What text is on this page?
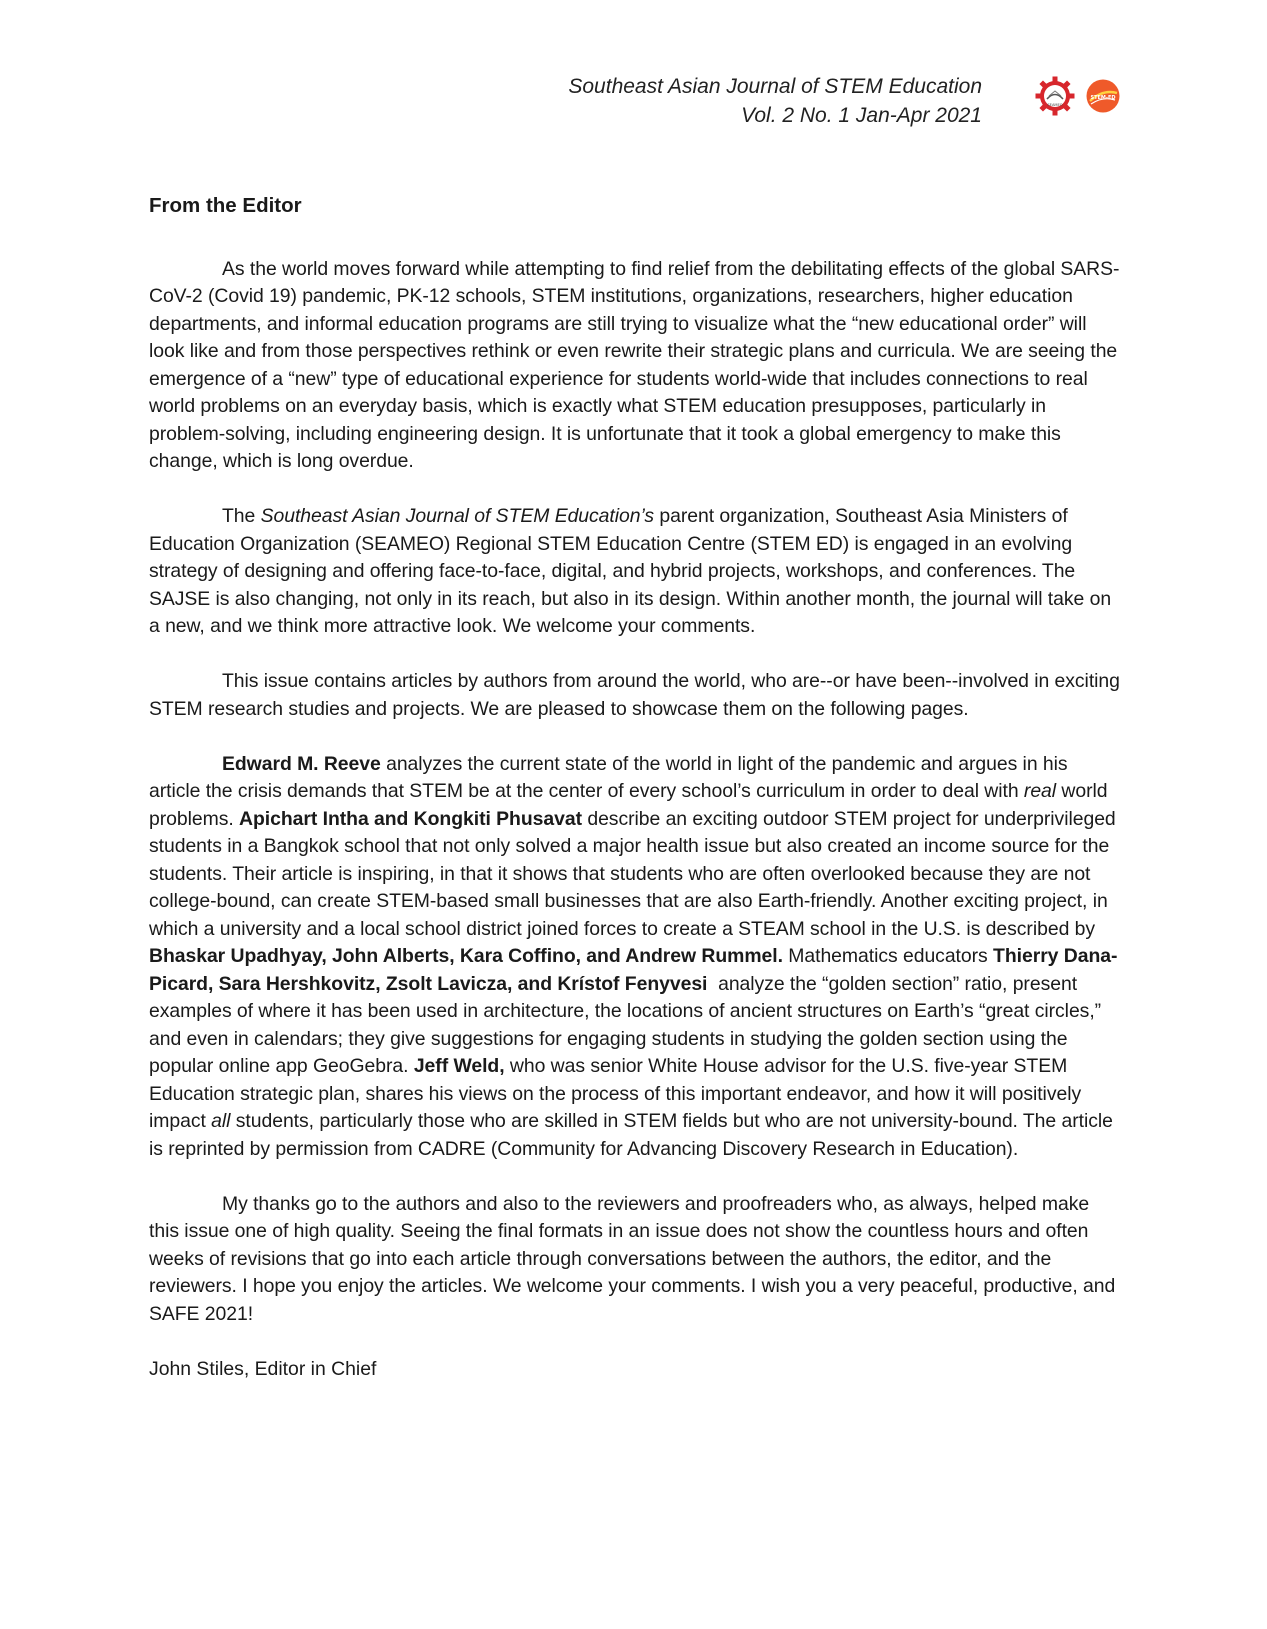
Southeast Asian Journal of STEM Education
Vol. 2 No. 1 Jan-Apr 2021	SEAMEO
STEM-ED
From the Editor

As the world moves forward while attempting to find relief from the debilitating effects of the global SARS-CoV-2 (Covid 19) pandemic, PK-12 schools, STEM institutions, organizations, researchers, higher education departments, and informal education programs are still trying to visualize what the “new educational order” will look like and from those perspectives rethink or even rewrite their strategic plans and curricula. We are seeing the emergence of a “new” type of educational experience for students world-wide that includes connections to real world problems on an everyday basis, which is exactly what STEM education presupposes, particularly in problem-solving, including engineering design. It is unfortunate that it took a global emergency to make this change, which is long overdue.

The Southeast Asian Journal of STEM Education’s parent organization, Southeast Asia Ministers of Education Organization (SEAMEO) Regional STEM Education Centre (STEM ED) is engaged in an evolving strategy of designing and offering face-to-face, digital, and hybrid projects, workshops, and conferences. The SAJSE is also changing, not only in its reach, but also in its design. Within another month, the journal will take on a new, and we think more attractive look. We welcome your comments.

This issue contains articles by authors from around the world, who are--or have been--involved in exciting STEM research studies and projects. We are pleased to showcase them on the following pages.

Edward M. Reeve analyzes the current state of the world in light of the pandemic and argues in his article the crisis demands that STEM be at the center of every school’s curriculum in order to deal with real world problems. Apichart Intha and Kongkiti Phusavat describe an exciting outdoor STEM project for underprivileged students in a Bangkok school that not only solved a major health issue but also created an income source for the students. Their article is inspiring, in that it shows that students who are often overlooked because they are not college-bound, can create STEM-based small businesses that are also Earth-friendly. Another exciting project, in which a university and a local school district joined forces to create a STEAM school in the U.S. is described by Bhaskar Upadhyay, John Alberts, Kara Coffino, and Andrew Rummel. Mathematics educators Thierry Dana-Picard, Sara Hershkovitz, Zsolt Lavicza, and Krístof Fenyvesi  analyze the “golden section” ratio, present examples of where it has been used in architecture, the locations of ancient structures on Earth’s “great circles,” and even in calendars; they give suggestions for engaging students in studying the golden section using the popular online app GeoGebra. Jeff Weld, who was senior White House advisor for the U.S. five-year STEM Education strategic plan, shares his views on the process of this important endeavor, and how it will positively impact all students, particularly those who are skilled in STEM fields but who are not university-bound. The article is reprinted by permission from CADRE (Community for Advancing Discovery Research in Education).

My thanks go to the authors and also to the reviewers and proofreaders who, as always, helped make this issue one of high quality. Seeing the final formats in an issue does not show the countless hours and often weeks of revisions that go into each article through conversations between the authors, the editor, and the reviewers. I hope you enjoy the articles. We welcome your comments. I wish you a very peaceful, productive, and SAFE 2021!

John Stiles, Editor in Chief
